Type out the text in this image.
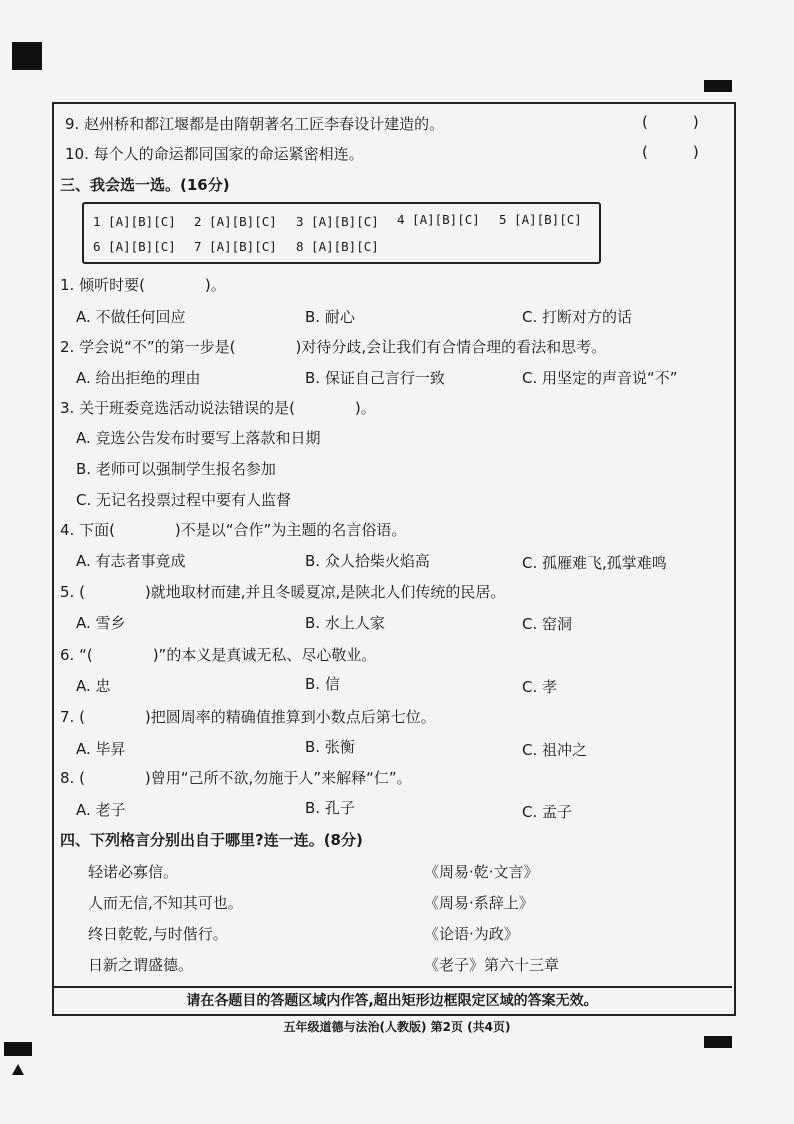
9. 赵州桥和都江堰都是由隋朝著名工匠李春设计建造的。	(　　　)
10. 每个人的命运都同国家的命运紧密相连。	(　　　)
三、我会选一选。(16分)
1 [A][B][C] 2 [A][B][C] 3 [A][B][C] 4 [A][B][C] 5 [A][B][C]
6 [A][B][C] 7 [A][B][C] 8 [A][B][C]
1. 倾听时要(　　　　)。
A. 不做任何回应	B. 耐心	C. 打断对方的话
2. 学会说“不”的第一步是(　　　　)对待分歧,会让我们有合情合理的看法和思考。
A. 给出拒绝的理由	B. 保证自己言行一致	C. 用坚定的声音说“不”
3. 关于班委竞选活动说法错误的是(　　　　)。
A. 竞选公告发布时要写上落款和日期
B. 老师可以强制学生报名参加
C. 无记名投票过程中要有人监督
4. 下面(　　　　)不是以“合作”为主题的名言俗语。
A. 有志者事竟成	B. 众人拾柴火焰高	C. 孤雁难飞,孤掌难鸣
5. (　　　　)就地取材而建,并且冬暖夏凉,是陕北人们传统的民居。
A. 雪乡	B. 水上人家	C. 窑洞
6. “(　　　　)”的本义是真诚无私、尽心敬业。
A. 忠	B. 信	C. 孝
7. (　　　　)把圆周率的精确值推算到小数点后第七位。
A. 毕昇	B. 张衡	C. 祖冲之
8. (　　　　)曾用“己所不欲,勿施于人”来解释“仁”。
A. 老子	B. 孔子	C. 孟子
四、下列格言分别出自于哪里?连一连。(8分)
轻诺必寡信。	《周易·乾·文言》
人而无信,不知其可也。	《周易·系辞上》
终日乾乾,与时偕行。	《论语·为政》
日新之谓盛德。	《老子》第六十三章
请在各题目的答题区域内作答,超出矩形边框限定区域的答案无效。
五年级道德与法治(人教版) 第2页 (共4页)
